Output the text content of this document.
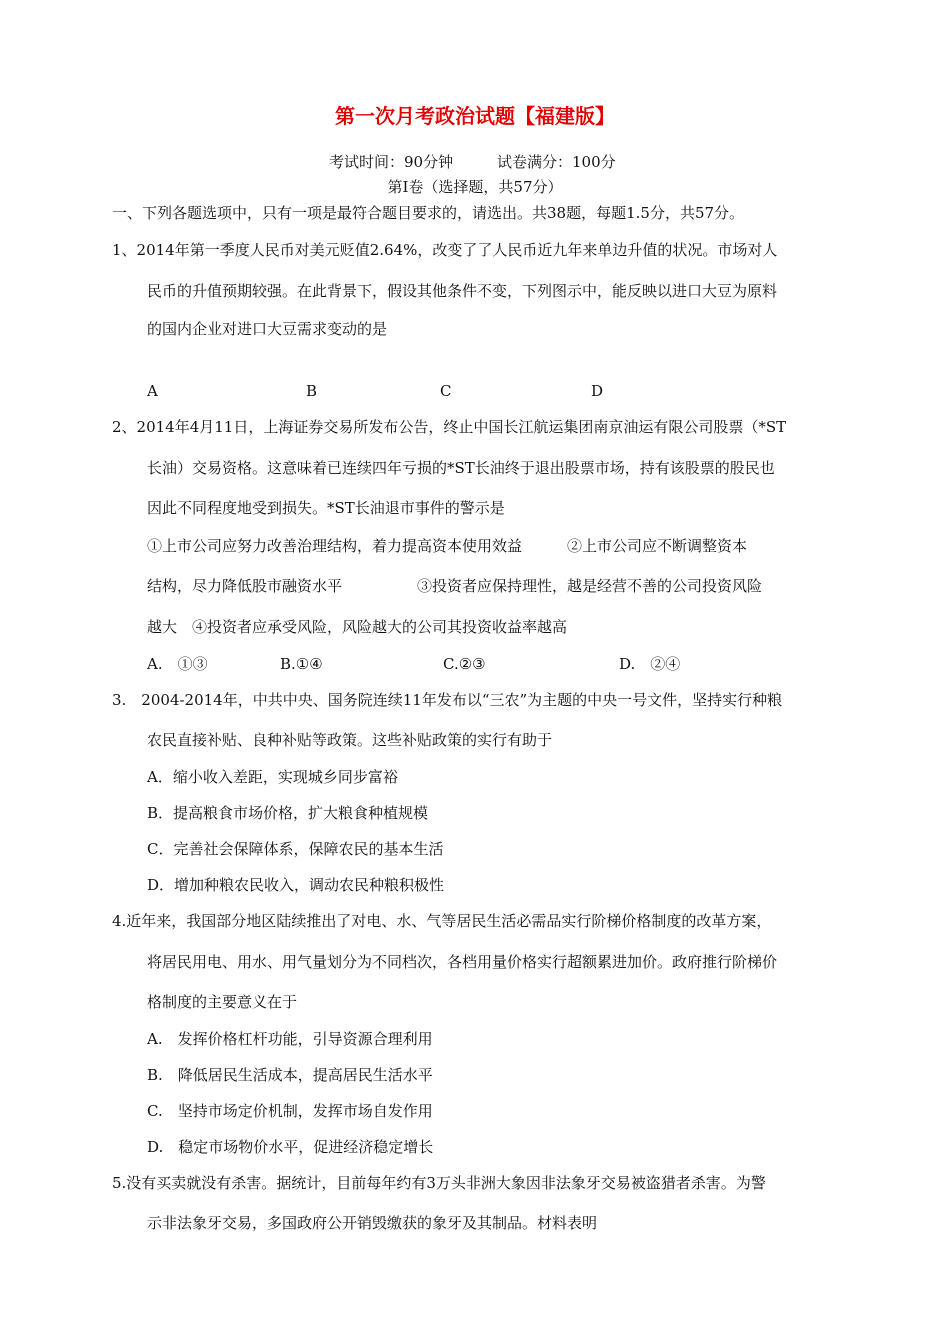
第一次月考政治试题【福建版】
考试时间：90分钟	试卷满分：100分
第Ⅰ卷（选择题，共57分）
一、下列各题选项中，只有一项是最符合题目要求的，请选出。共38题，每题1.5分，共57分。
1、2014年第一季度人民币对美元贬值2.64%，改变了了人民币近九年来单边升值的状况。市场对人
民币的升值预期较强。在此背景下，假设其他条件不变，下列图示中，能反映以进口大豆为原料
的国内企业对进口大豆需求变动的是
A	B	C	D
2、2014年4月11日，上海证券交易所发布公告，终止中国长江航运集团南京油运有限公司股票（*ST
长油）交易资格。这意味着已连续四年亏损的*ST长油终于退出股票市场，持有该股票的股民也
因此不同程度地受到损失。*ST长油退市事件的警示是
①上市公司应努力改善治理结构，着力提高资本使用效益　　　②上市公司应不断调整资本
结构，尽力降低股市融资水平　　　　　③投资者应保持理性，越是经营不善的公司投资风险
越大　④投资者应承受风险，风险越大的公司其投资收益率越高
A.　①③	B.①④	C.②③	D.　②④
3.　2004-2014年，中共中央、国务院连续11年发布以“三农”为主题的中央一号文件，坚持实行种粮
农民直接补贴、良种补贴等政策。这些补贴政策的实行有助于
A．缩小收入差距，实现城乡同步富裕
B．提高粮食市场价格，扩大粮食种植规模
C．完善社会保障体系，保障农民的基本生活
D．增加种粮农民收入，调动农民种粮积极性
4.近年来，我国部分地区陆续推出了对电、水、气等居民生活必需品实行阶梯价格制度的改革方案，
将居民用电、用水、用气量划分为不同档次，各档用量价格实行超额累进加价。政府推行阶梯价
格制度的主要意义在于
A.　发挥价格杠杆功能，引导资源合理利用
B.　降低居民生活成本，提高居民生活水平
C.　坚持市场定价机制，发挥市场自发作用
D.　稳定市场物价水平，促进经济稳定增长
5.没有买卖就没有杀害。据统计，目前每年约有3万头非洲大象因非法象牙交易被盗猎者杀害。为警
示非法象牙交易，多国政府公开销毁缴获的象牙及其制品。材料表明
